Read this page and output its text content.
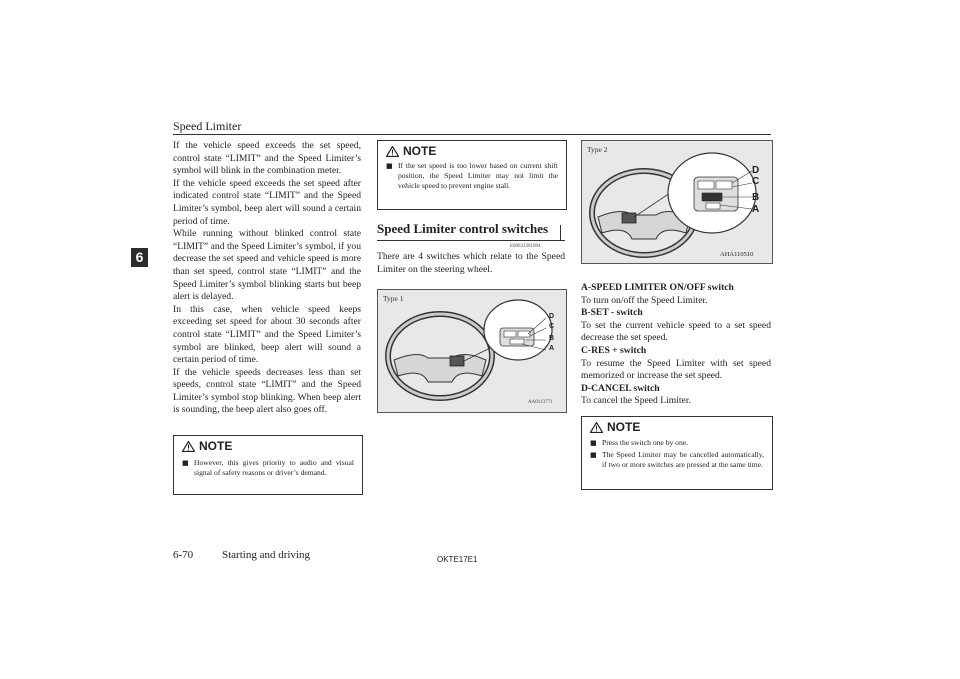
Speed Limiter
6

If the vehicle speed exceeds the set speed, control state “LIMIT” and the Speed Limiter’s symbol will blink in the combination meter.

If the vehicle speed exceeds the set speed after indicated control state “LIMIT” and the Speed Limiter’s symbol, beep alert will sound a certain period of time.

While running without blinked control state “LIMIT” and the Speed Limiter’s symbol, if you decrease the set speed and vehicle speed is more than set speed, control state “LIMIT” and the Speed Limiter’s symbol blinking starts but beep alert is delayed.

In this case, when vehicle speed keeps exceeding set speed for about 30 seconds after control state “LIMIT” and the Speed Limiter’s symbol are blinked, beep alert will sound a certain period of time.

If the vehicle speeds decreases less than set speeds, control state “LIMIT” and the Speed Limiter’s symbol stop blinking. When beep alert is sounding, the beep alert also goes off.

NOTE
■ However, this gives priority to audio and visual signal of safety reasons or driver’s demand.
NOTE
■ If the set speed is too lower based on current shift position, the Speed Limiter may not limit the vehicle speed to prevent engine stall.
Speed Limiter control switches
E00633301094
There are 4 switches which relate to the Speed Limiter on the steering wheel.
Type 1
D
C
B
A
AA0113771
Type 2
D
C
B
A
AHA110510

A-SPEED LIMITER ON/OFF switch

To turn on/off the Speed Limiter.

B-SET - switch

To set the current vehicle speed to a set speed decrease the set speed.

C-RES + switch

To resume the Speed Limiter with set speed memorized or increase the set speed.

D-CANCEL switch

To cancel the Speed Limiter.

NOTE
■ Press the switch one by one.
■ The Speed Limiter may be cancelled automatically, if two or more switches are pressed at the same time.
6-70	Starting and driving	OKTE17E1
